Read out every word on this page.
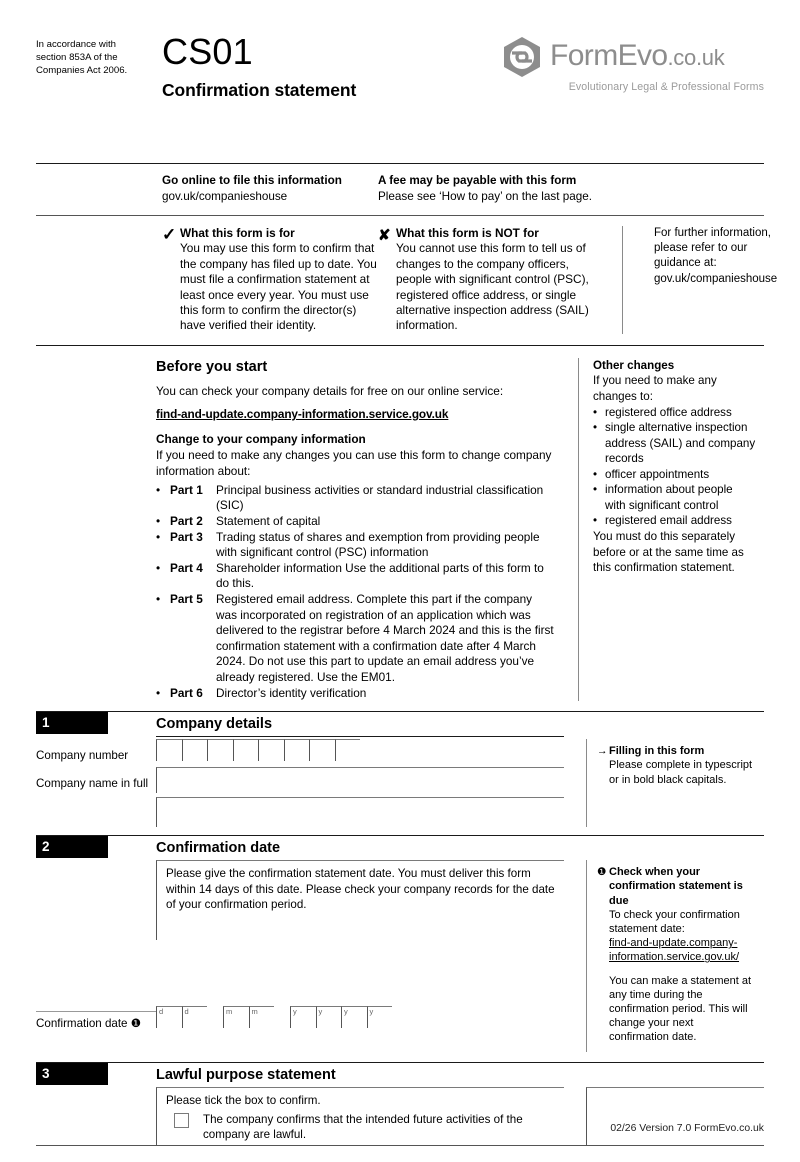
In accordance with section 853A of the Companies Act 2006. CS01
Confirmation statement
FormEvo.co.uk
Evolutionary Legal & Professional Forms
Go online to file this information
gov.uk/companieshouse
A fee may be payable with this form
Please see ‘How to pay’ on the last page.
✓ What this form is for

You may use this form to confirm that the company has filed up to date. You must file a confirmation statement at least once every year. You must use this form to confirm the director(s) have verified their identity.

✘ What this form is NOT for

You cannot use this form to tell us of changes to the company officers, people with significant control (PSC), registered office address, or single alternative inspection address (SAIL) information.

For further information, please refer to our guidance at: gov.uk/companieshouse

Before you start

You can check your company details for free on our online service:

find-and-update.company-information.service.gov.uk
Change to your company information

If you need to make any changes you can use this form to change company information about:

• Part 1	Principal business activities or standard industrial classification (SIC)
• Part 2	Statement of capital
• Part 3	Trading status of shares and exemption from providing people with significant control (PSC) information
• Part 4	Shareholder information Use the additional parts of this form to do this.
• Part 5	Registered email address. Complete this part if the company was incorporated on registration of an application which was delivered to the registrar before 4 March 2024 and this is the first confirmation statement with a confirmation date after 4 March 2024. Do not use this part to update an email address you’ve already registered. Use the EM01.
• Part 6	Director’s identity verification
Other changes

If you need to make any changes to:

• registered office address
• single alternative inspection address (SAIL) and company records
• officer appointments
• information about people with significant control
• registered email address

You must do this separately before or at the same time as this confirmation statement.

1	Company details
Company number
Company name in full
→ Filling in this form

Please complete in typescript or in bold black capitals.

2	Confirmation date

Please give the confirmation statement date. You must deliver this form within 14 days of this date. Please check your company records for the date of your confirmation period.

❶ Check when your confirmation statement is due

To check your confirmation statement date:

find-and-update.company-information.service.gov.uk/

You can make a statement at any time during the confirmation period. This will change your next confirmation date.

Confirmation date ❶
d	d	m	m	y	y	y	y
3	Lawful purpose statement

Please tick the box to confirm.

The company confirms that the intended future activities of the company are lawful.	02/26 Version 7.0 FormEvo.co.uk
